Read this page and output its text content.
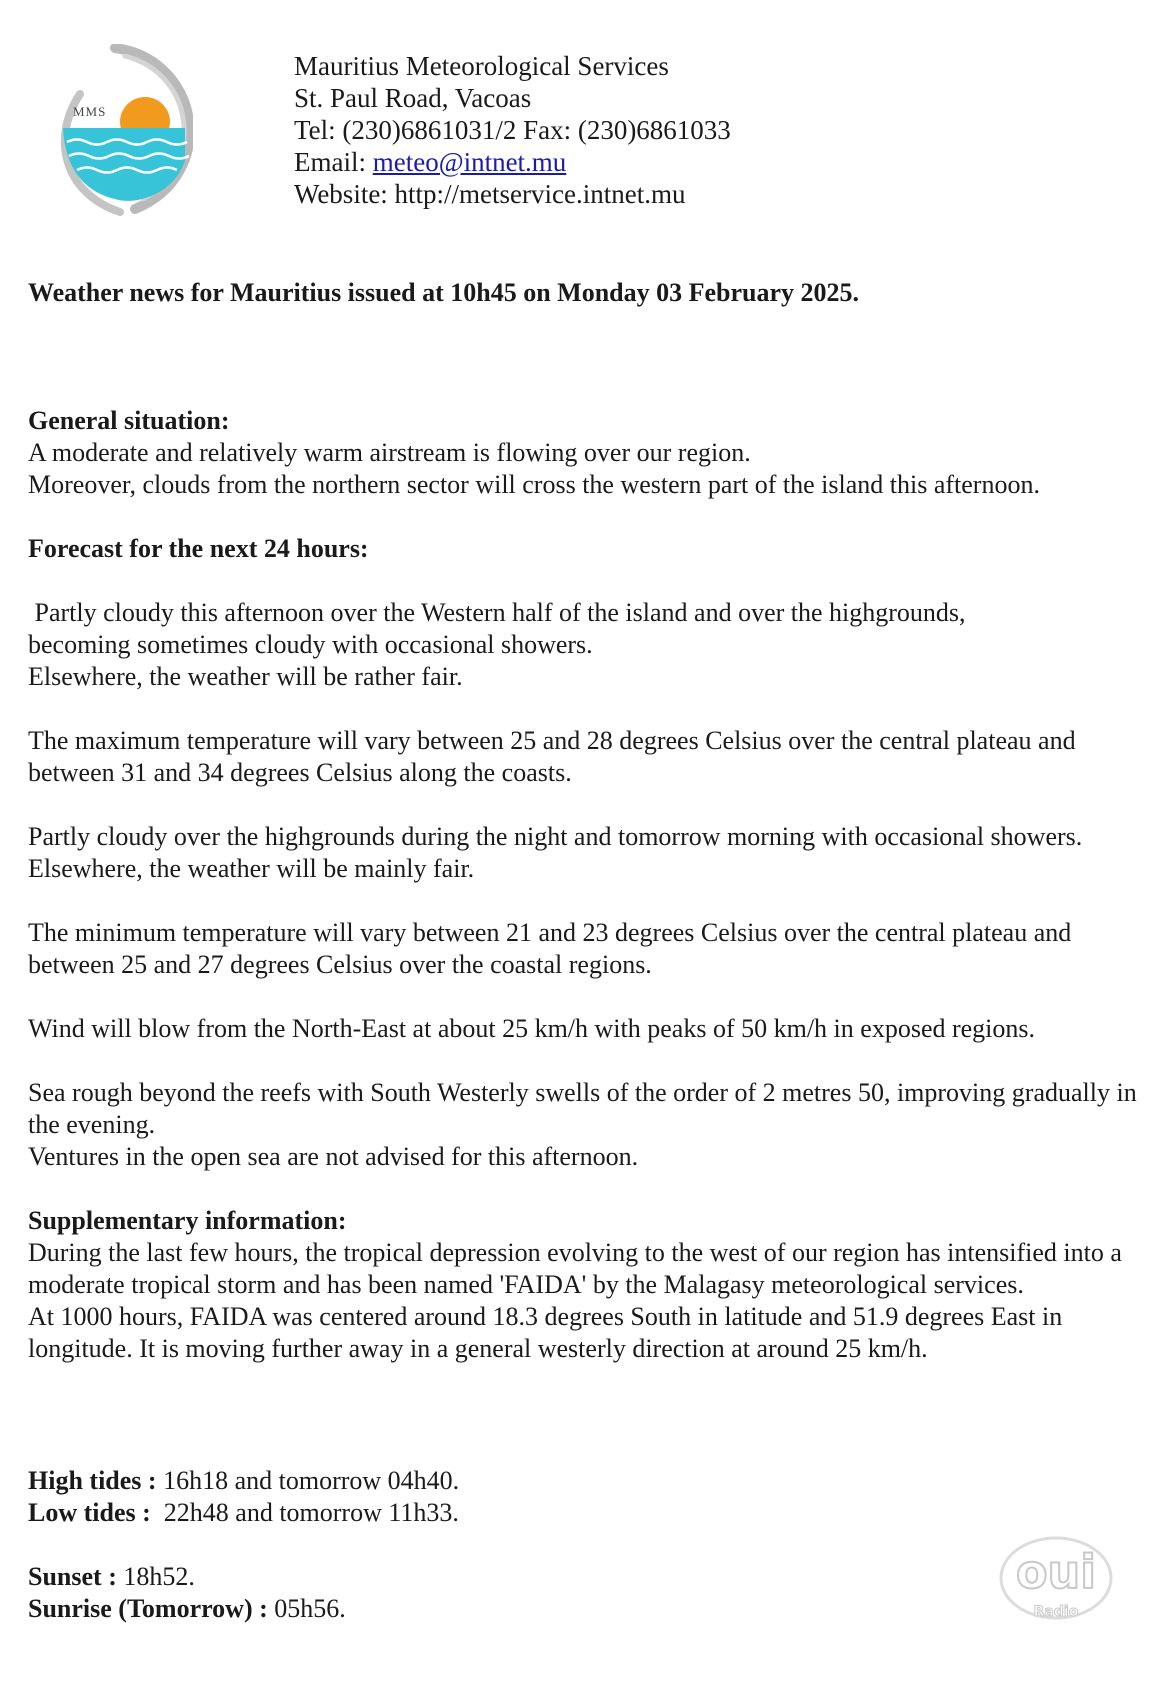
MMS
Mauritius Meteorological Services
St. Paul Road, Vacoas
Tel: (230)6861031/2 Fax: (230)6861033
Email: meteo@intnet.mu
Website: http://metservice.intnet.mu

Weather news for Mauritius issued at 10h45 on Monday 03 February 2025.

General situation:

A moderate and relatively warm airstream is flowing over our region.

Moreover, clouds from the northern sector will cross the western part of the island this afternoon.

Forecast for the next 24 hours:

Partly cloudy this afternoon over the Western half of the island and over the highgrounds,

becoming sometimes cloudy with occasional showers.

Elsewhere, the weather will be rather fair.

The maximum temperature will vary between 25 and 28 degrees Celsius over the central plateau and between 31 and 34 degrees Celsius along the coasts.

Partly cloudy over the highgrounds during the night and tomorrow morning with occasional showers.

Elsewhere, the weather will be mainly fair.

The minimum temperature will vary between 21 and 23 degrees Celsius over the central plateau and between 25 and 27 degrees Celsius over the coastal regions.

Wind will blow from the North-East at about 25 km/h with peaks of 50 km/h in exposed regions.

Sea rough beyond the reefs with South Westerly swells of the order of 2 metres 50, improving gradually in the evening.

Ventures in the open sea are not advised for this afternoon.

Supplementary information:

During the last few hours, the tropical depression evolving to the west of our region has intensified into a moderate tropical storm and has been named 'FAIDA' by the Malagasy meteorological services.

At 1000 hours, FAIDA was centered around 18.3 degrees South in latitude and 51.9 degrees East in longitude. It is moving further away in a general westerly direction at around 25 km/h.

High tides : 16h18 and tomorrow 04h40.

Low tides :  22h48 and tomorrow 11h33.

Sunset : 18h52.

Sunrise (Tomorrow) : 05h56.

oui
Radio
